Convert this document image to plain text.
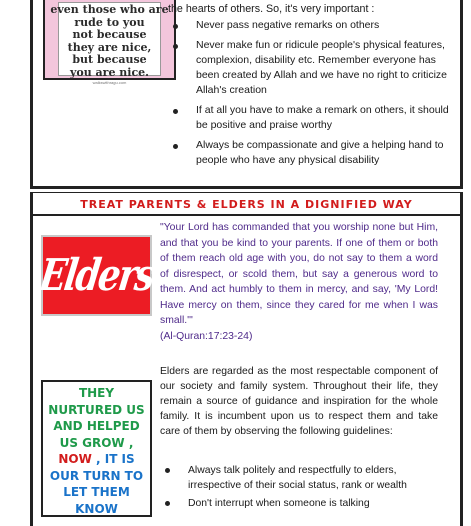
even those who are
rude to you
not because
they are nice,
but because
you are nice.
walkswithragu.com

the hearts of others. So, it's very important :

Never pass negative remarks on others
Never make fun or ridicule people's physical features, complexion, disability etc. Remember everyone has been created by Allah and we have no right to criticize Allah's creation
If at all you have to make a remark on others, it should be positive and praise worthy
Always be compassionate and give a helping hand to people who have any physical disability
TREAT PARENTS & ELDERS IN A DIGNIFIED WAY
Elders

"Your Lord has commanded that you worship none but Him, and that you be kind to your parents. If one of them or both of them reach old age with you, do not say to them a word of disrespect, or scold them, but say a generous word to them. And act humbly to them in mercy, and say, 'My Lord! Have mercy on them, since they cared for me when I was small.'"
(Al-Quran:17:23-24)

Elders are regarded as the most respectable component of our society and family system. Throughout their life, they remain a source of guidance and inspiration for the whole family. It is incumbent upon us to respect them and take care of them by observing the following guidelines:

Always talk politely and respectfully to elders, irrespective of their social status, rank or wealth
Don't interrupt when someone is talking
THEY
NURTURED US
AND HELPED
US GROW ,
NOW , IT IS
OUR TURN TO
LET THEM
KNOW
